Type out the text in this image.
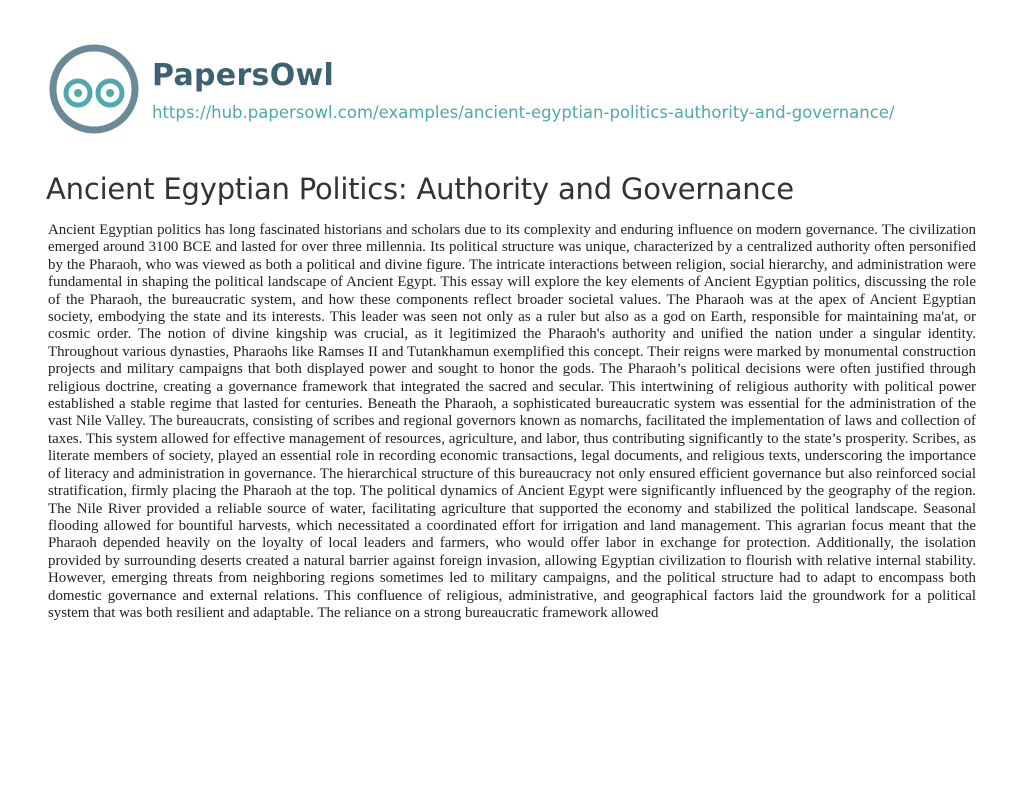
PapersOwl
https://hub.papersowl.com/examples/ancient-egyptian-politics-authority-and-governance/
Ancient Egyptian Politics: Authority and Governance

Ancient Egyptian politics has long fascinated historians and scholars due to its complexity and enduring influence on modern governance. The civilization emerged around 3100 BCE and lasted for over three millennia. Its political structure was unique, characterized by a centralized authority often personified by the Pharaoh, who was viewed as both a political and divine figure. The intricate interactions between religion, social hierarchy, and administration were fundamental in shaping the political landscape of Ancient Egypt. This essay will explore the key elements of Ancient Egyptian politics, discussing the role of the Pharaoh, the bureaucratic system, and how these components reflect broader societal values. The Pharaoh was at the apex of Ancient Egyptian society, embodying the state and its interests. This leader was seen not only as a ruler but also as a god on Earth, responsible for maintaining ma'at, or cosmic order. The notion of divine kingship was crucial, as it legitimized the Pharaoh's authority and unified the nation under a singular identity. Throughout various dynasties, Pharaohs like Ramses II and Tutankhamun exemplified this concept. Their reigns were marked by monumental construction projects and military campaigns that both displayed power and sought to honor the gods. The Pharaoh’s political decisions were often justified through religious doctrine, creating a governance framework that integrated the sacred and secular. This intertwining of religious authority with political power established a stable regime that lasted for centuries. Beneath the Pharaoh, a sophisticated bureaucratic system was essential for the administration of the vast Nile Valley. The bureaucrats, consisting of scribes and regional governors known as nomarchs, facilitated the implementation of laws and collection of taxes. This system allowed for effective management of resources, agriculture, and labor, thus contributing significantly to the state’s prosperity. Scribes, as literate members of society, played an essential role in recording economic transactions, legal documents, and religious texts, underscoring the importance of literacy and administration in governance. The hierarchical structure of this bureaucracy not only ensured efficient governance but also reinforced social stratification, firmly placing the Pharaoh at the top. The political dynamics of Ancient Egypt were significantly influenced by the geography of the region. The Nile River provided a reliable source of water, facilitating agriculture that supported the economy and stabilized the political landscape. Seasonal flooding allowed for bountiful harvests, which necessitated a coordinated effort for irrigation and land management. This agrarian focus meant that the Pharaoh depended heavily on the loyalty of local leaders and farmers, who would offer labor in exchange for protection. Additionally, the isolation provided by surrounding deserts created a natural barrier against foreign invasion, allowing Egyptian civilization to flourish with relative internal stability. However, emerging threats from neighboring regions sometimes led to military campaigns, and the political structure had to adapt to encompass both domestic governance and external relations. This confluence of religious, administrative, and geographical factors laid the groundwork for a political system that was both resilient and adaptable. The reliance on a strong bureaucratic framework allowed
